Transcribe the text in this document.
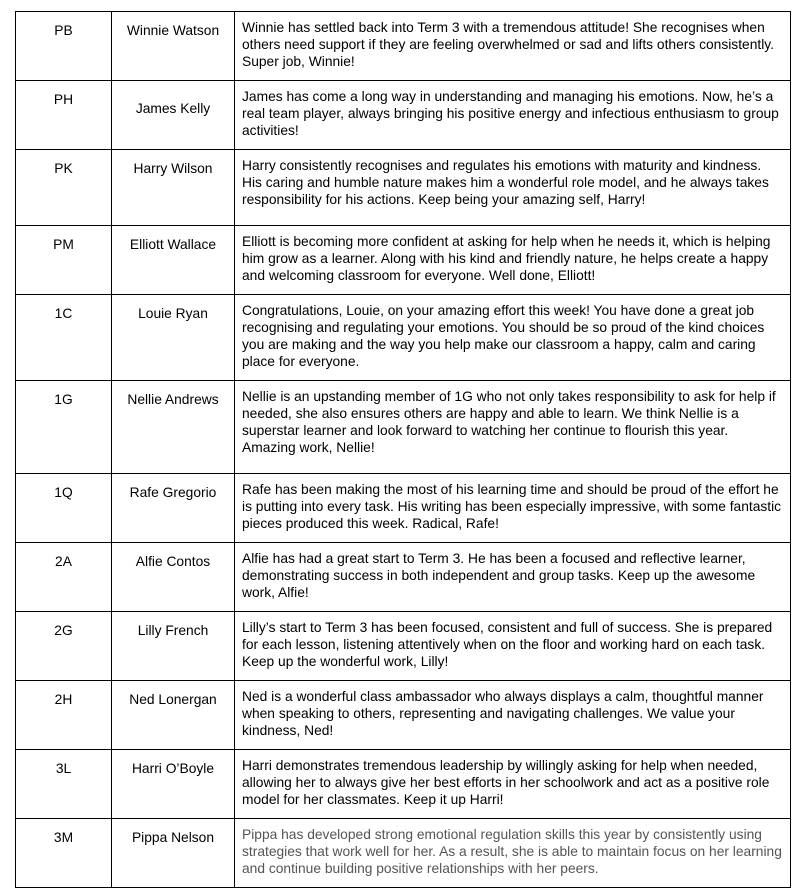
PB	Winnie Watson	Winnie has settled back into Term 3 with a tremendous attitude! She recognises when others need support if they are feeling overwhelmed or sad and lifts others consistently. Super job, Winnie!
PH	James Kelly	James has come a long way in understanding and managing his emotions. Now, he’s a real team player, always bringing his positive energy and infectious enthusiasm to group activities!
PK	Harry Wilson	Harry consistently recognises and regulates his emotions with maturity and kindness. His caring and humble nature makes him a wonderful role model, and he always takes responsibility for his actions. Keep being your amazing self, Harry!
PM	Elliott Wallace	Elliott is becoming more confident at asking for help when he needs it, which is helping him grow as a learner. Along with his kind and friendly nature, he helps create a happy and welcoming classroom for everyone. Well done, Elliott!
1C	Louie Ryan	Congratulations, Louie, on your amazing effort this week! You have done a great job recognising and regulating your emotions. You should be so proud of the kind choices you are making and the way you help make our classroom a happy, calm and caring place for everyone.
1G	Nellie Andrews	Nellie is an upstanding member of 1G who not only takes responsibility to ask for help if needed, she also ensures others are happy and able to learn. We think Nellie is a superstar learner and look forward to watching her continue to flourish this year. Amazing work, Nellie!
1Q	Rafe Gregorio	Rafe has been making the most of his learning time and should be proud of the effort he is putting into every task. His writing has been especially impressive, with some fantastic pieces produced this week. Radical, Rafe!
2A	Alfie Contos	Alfie has had a great start to Term 3. He has been a focused and reflective learner, demonstrating success in both independent and group tasks. Keep up the awesome work, Alfie!
2G	Lilly French	Lilly’s start to Term 3 has been focused, consistent and full of success. She is prepared for each lesson, listening attentively when on the floor and working hard on each task. Keep up the wonderful work, Lilly!
2H	Ned Lonergan	Ned is a wonderful class ambassador who always displays a calm, thoughtful manner when speaking to others, representing and navigating challenges. We value your kindness, Ned!
3L	Harri O’Boyle	Harri demonstrates tremendous leadership by willingly asking for help when needed, allowing her to always give her best efforts in her schoolwork and act as a positive role model for her classmates. Keep it up Harri!
3M	Pippa Nelson	Pippa has developed strong emotional regulation skills this year by consistently using strategies that work well for her. As a result, she is able to maintain focus on her learning and continue building positive relationships with her peers.
